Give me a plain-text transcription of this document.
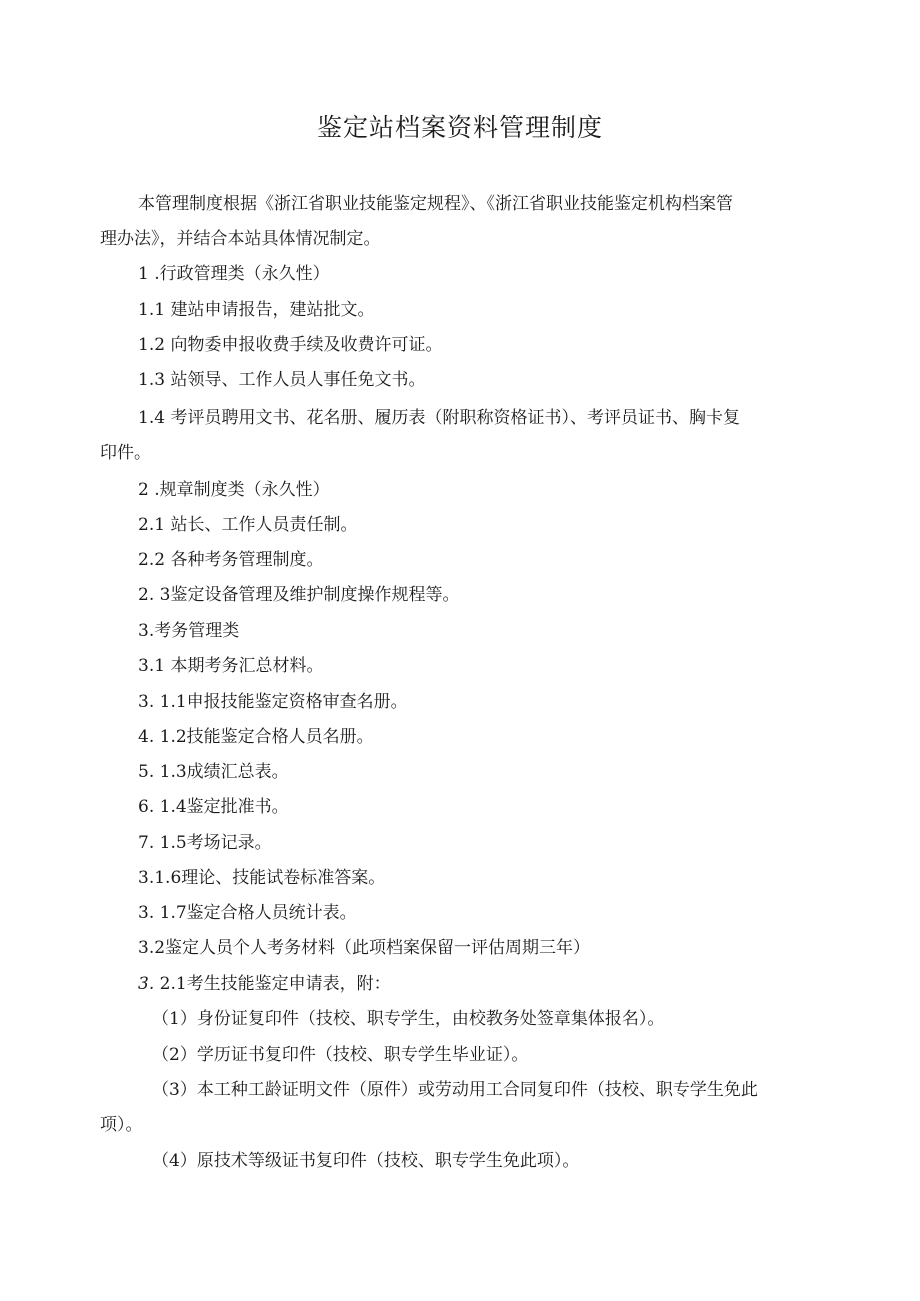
鉴定站档案资料管理制度
本管理制度根据《浙江省职业技能鉴定规程》、《浙江省职业技能鉴定机构档案管
理办法》，并结合本站具体情况制定。
1 .行政管理类（永久性）
1.1 建站申请报告，建站批文。
1.2 向物委申报收费手续及收费许可证。
1.3 站领导、工作人员人事任免文书。
1.4 考评员聘用文书、花名册、履历表（附职称资格证书）、考评员证书、胸卡复
印件。
2 .规章制度类（永久性）
2.1 站长、工作人员责任制。
2.2 各种考务管理制度。
2. 3鉴定设备管理及维护制度操作规程等。
3.考务管理类
3.1 本期考务汇总材料。
3. 1.1申报技能鉴定资格审查名册。
4. 1.2技能鉴定合格人员名册。
5. 1.3成绩汇总表。
6. 1.4鉴定批准书。
7. 1.5考场记录。
3.1.6理论、技能试卷标准答案。
3. 1.7鉴定合格人员统计表。
3.2鉴定人员个人考务材料（此项档案保留一评估周期三年）
3. 2.1考生技能鉴定申请表，附：
（1）身份证复印件（技校、职专学生，由校教务处签章集体报名）。
（2）学历证书复印件（技校、职专学生毕业证）。
（3）本工种工龄证明文件（原件）或劳动用工合同复印件（技校、职专学生免此
项）。
（4）原技术等级证书复印件（技校、职专学生免此项）。
